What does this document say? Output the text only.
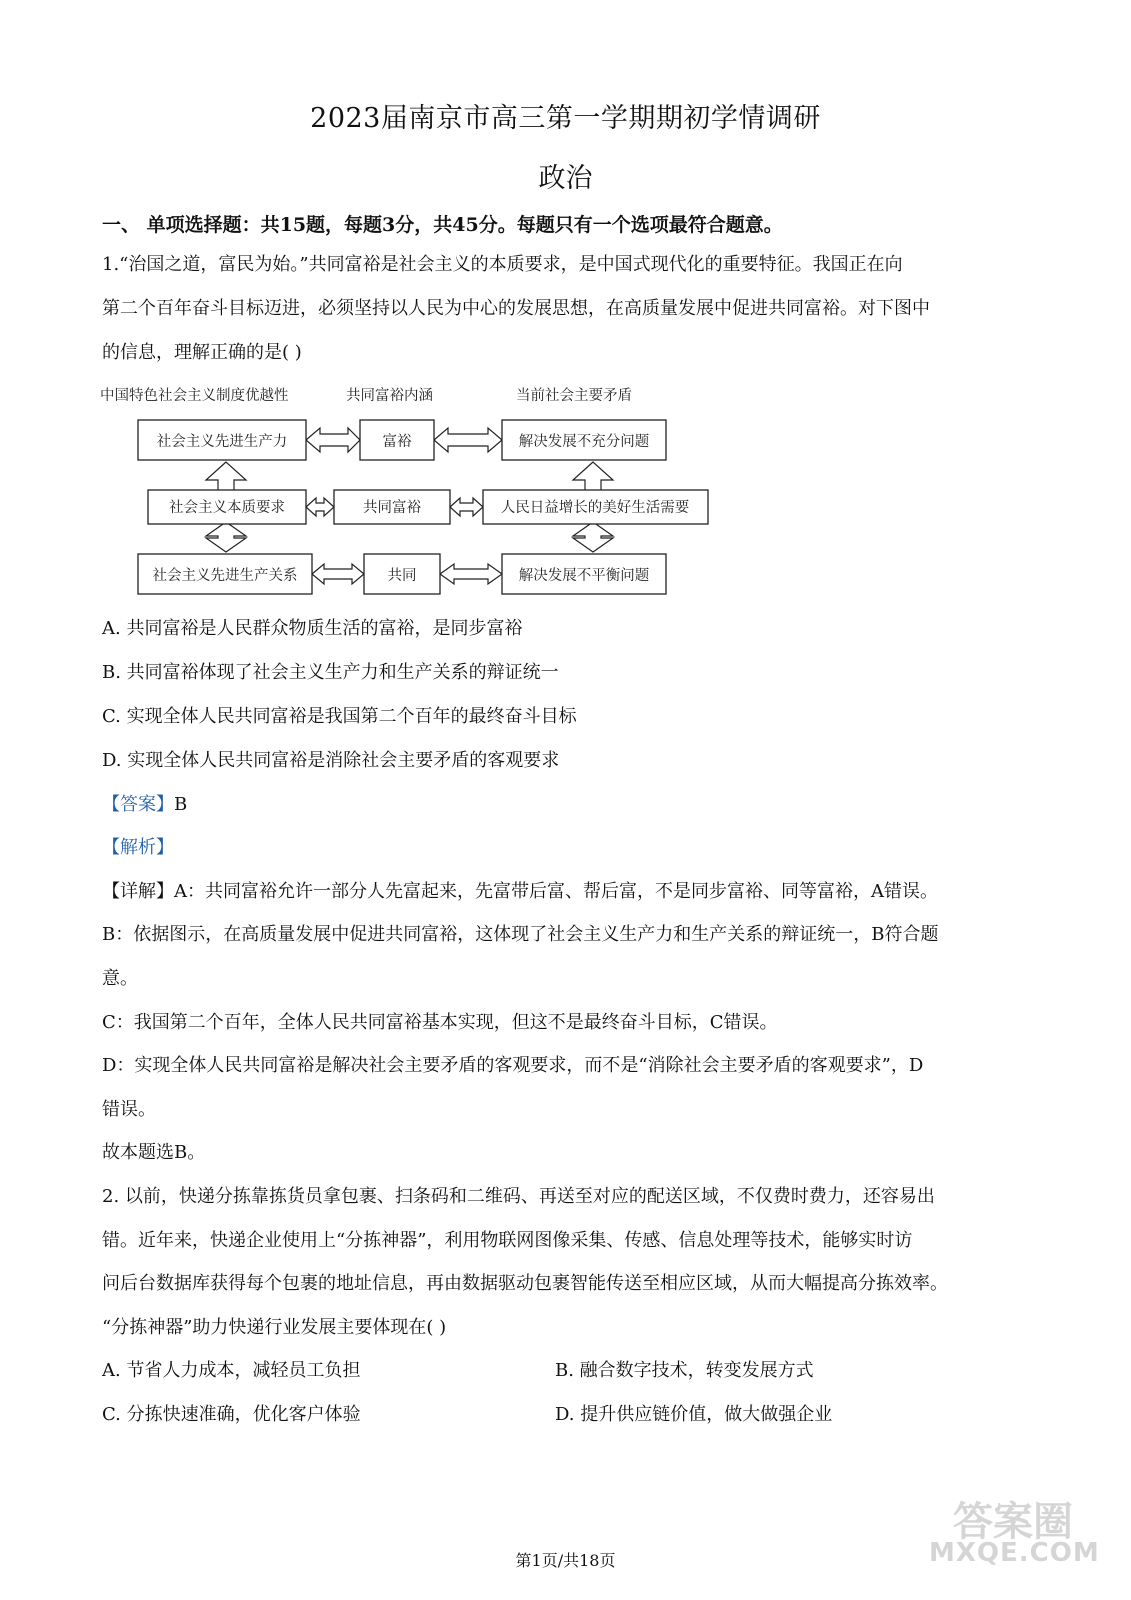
2023届南京市高三第一学期期初学情调研
政治
一、 单项选择题：共15题，每题3分，共45分。每题只有一个选项最符合题意。
1.“治国之道，富民为始。”共同富裕是社会主义的本质要求，是中国式现代化的重要特征。我国正在向
第二个百年奋斗目标迈进，必须坚持以人民为中心的发展思想，在高质量发展中促进共同富裕。对下图中
的信息，理解正确的是( )
中国特色社会主义制度优越性	共同富裕内涵	当前社会主要矛盾
社会主义先进生产力	富裕	解决发展不充分问题
社会主义本质要求	共同富裕	人民日益增长的美好生活需要
社会主义先进生产关系	共同	解决发展不平衡问题
A. 共同富裕是人民群众物质生活的富裕，是同步富裕
B. 共同富裕体现了社会主义生产力和生产关系的辩证统一
C. 实现全体人民共同富裕是我国第二个百年的最终奋斗目标
D. 实现全体人民共同富裕是消除社会主要矛盾的客观要求
【答案】B
【解析】
【详解】A：共同富裕允许一部分人先富起来，先富带后富、帮后富，不是同步富裕、同等富裕，A错误。
B：依据图示，在高质量发展中促进共同富裕，这体现了社会主义生产力和生产关系的辩证统一，B符合题
意。
C：我国第二个百年，全体人民共同富裕基本实现，但这不是最终奋斗目标，C错误。
D：实现全体人民共同富裕是解决社会主要矛盾的客观要求，而不是“消除社会主要矛盾的客观要求”，D
错误。
故本题选B。
2. 以前，快递分拣靠拣货员拿包裹、扫条码和二维码、再送至对应的配送区域，不仅费时费力，还容易出
错。近年来，快递企业使用上“分拣神器”，利用物联网图像采集、传感、信息处理等技术，能够实时访
问后台数据库获得每个包裹的地址信息，再由数据驱动包裹智能传送至相应区域，从而大幅提高分拣效率。
“分拣神器”助力快递行业发展主要体现在( )
A. 节省人力成本，减轻员工负担	B. 融合数字技术，转变发展方式
C. 分拣快速准确，优化客户体验	D. 提升供应链价值，做大做强企业
第1页/共18页
答案圈
MXQE.COM
